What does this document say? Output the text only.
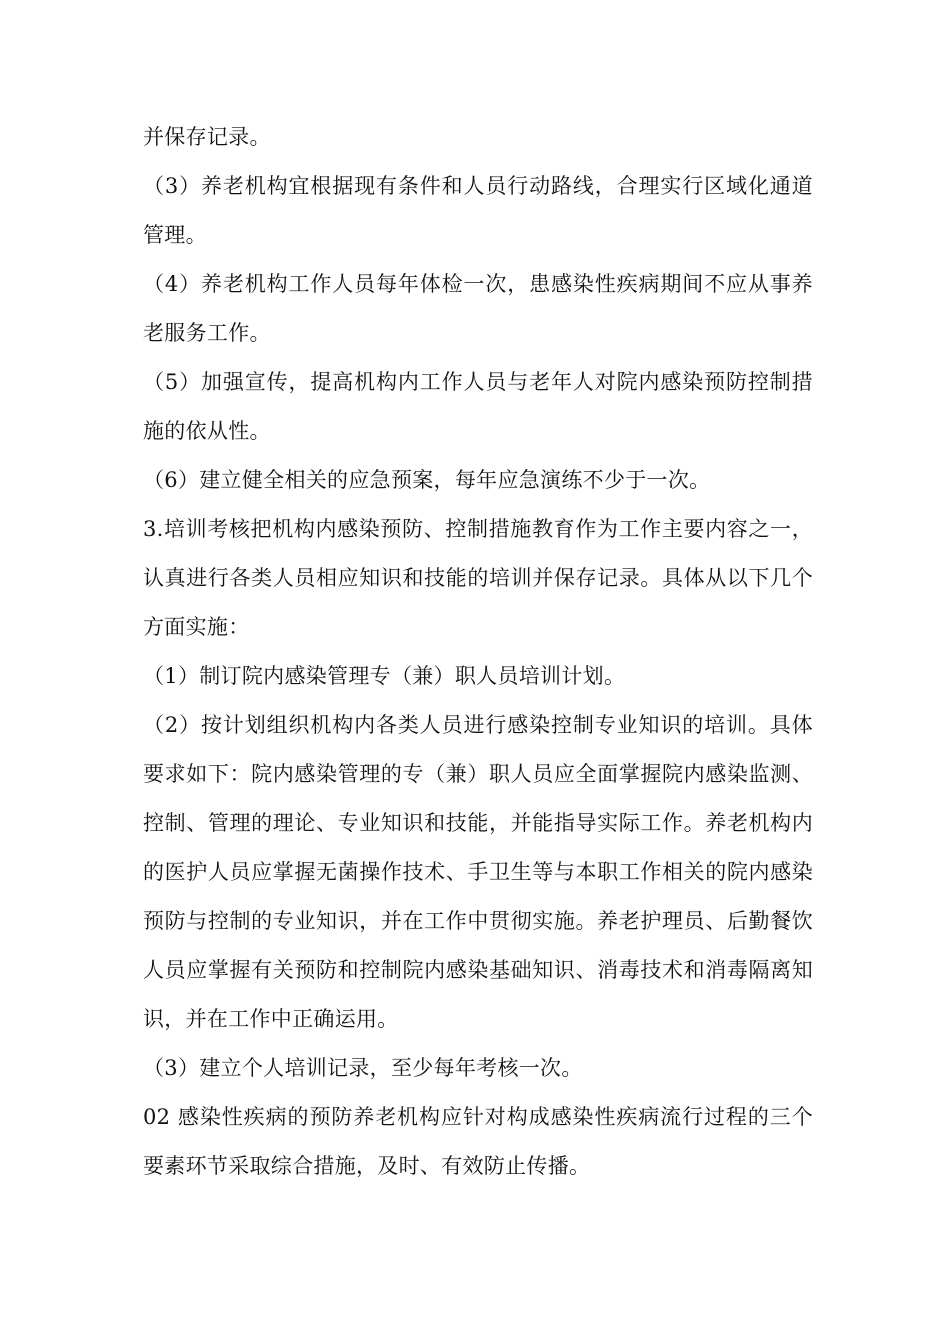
并保存记录。

（3）养老机构宜根据现有条件和人员行动路线，合理实行区域化通道管理。

（4）养老机构工作人员每年体检一次，患感染性疾病期间不应从事养老服务工作。

（5）加强宣传，提高机构内工作人员与老年人对院内感染预防控制措施的依从性。

（6）建立健全相关的应急预案，每年应急演练不少于一次。

3.培训考核把机构内感染预防、控制措施教育作为工作主要内容之一，认真进行各类人员相应知识和技能的培训并保存记录。具体从以下几个方面实施：

（1）制订院内感染管理专（兼）职人员培训计划。

（2）按计划组织机构内各类人员进行感染控制专业知识的培训。具体要求如下：院内感染管理的专（兼）职人员应全面掌握院内感染监测、控制、管理的理论、专业知识和技能，并能指导实际工作。养老机构内的医护人员应掌握无菌操作技术、手卫生等与本职工作相关的院内感染预防与控制的专业知识，并在工作中贯彻实施。养老护理员、后勤餐饮人员应掌握有关预防和控制院内感染基础知识、消毒技术和消毒隔离知识，并在工作中正确运用。

（3）建立个人培训记录，至少每年考核一次。

02 感染性疾病的预防养老机构应针对构成感染性疾病流行过程的三个要素环节采取综合措施，及时、有效防止传播。
